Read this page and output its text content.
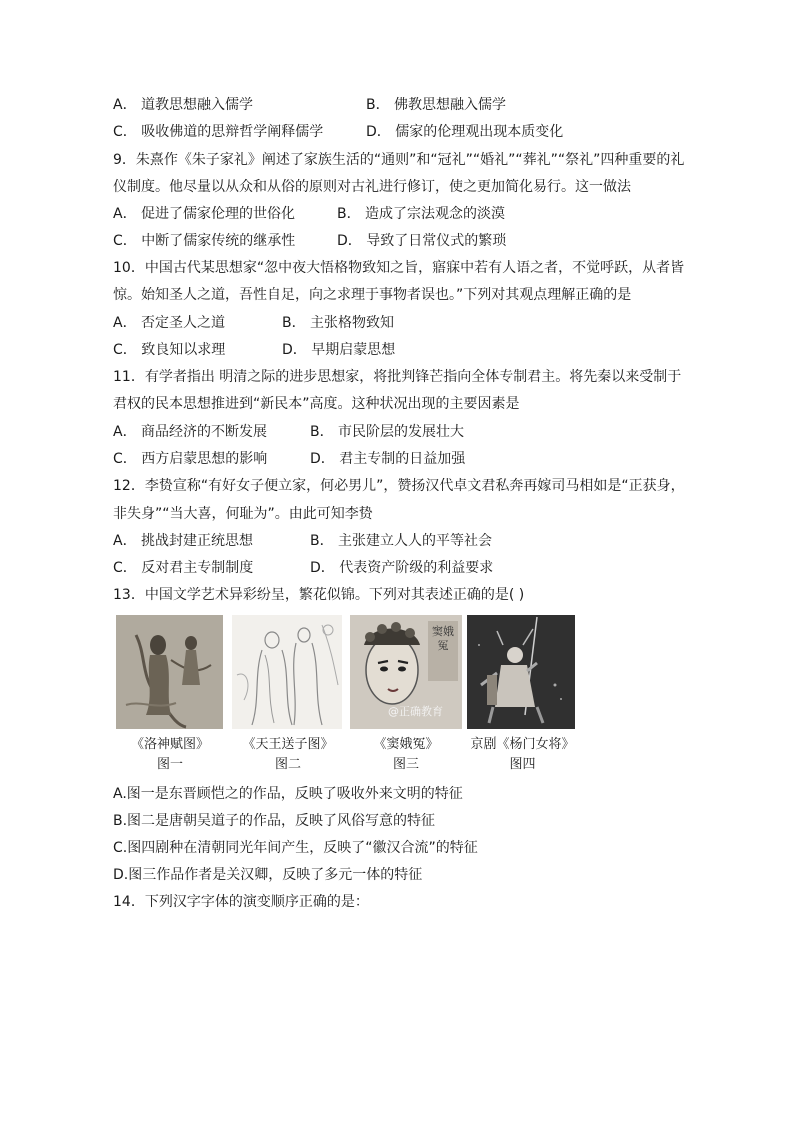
A． 道教思想融入儒学	B． 佛教思想融入儒学
C． 吸收佛道的思辩哲学阐释儒学	D． 儒家的伦理观出现本质变化
9．朱熹作《朱子家礼》阐述了家族生活的“通则”和“冠礼”“婚礼”“葬礼”“祭礼”四种重要的礼
仪制度。他尽量以从众和从俗的原则对古礼进行修订，使之更加简化易行。这一做法
A． 促进了儒家伦理的世俗化	B． 造成了宗法观念的淡漠
C． 中断了儒家传统的继承性	D． 导致了日常仪式的繁琐
10．中国古代某思想家“忽中夜大悟格物致知之旨，寤寐中若有人语之者，不觉呼跃，从者皆
惊。始知圣人之道，吾性自足，向之求理于事物者误也。”下列对其观点理解正确的是
A． 否定圣人之道	B． 主张格物致知
C． 致良知以求理	D． 早期启蒙思想
11．有学者指出 明清之际的进步思想家，将批判锋芒指向全体专制君主。将先秦以来受制于
君权的民本思想推进到“新民本”高度。这种状况出现的主要因素是
A． 商品经济的不断发展	B． 市民阶层的发展壮大
C． 西方启蒙思想的影响	D． 君主专制的日益加强
12．李贽宣称“有好女子便立家，何必男儿”，赞扬汉代卓文君私奔再嫁司马相如是“正获身，
非失身”“当大喜，何耻为”。由此可知李贽
A． 挑战封建正统思想	B． 主张建立人人的平等社会
C． 反对君主专制制度	D． 代表资产阶级的利益要求
13．中国文学艺术异彩纷呈，繁花似锦。下列对其表述正确的是( )
窦娥冤
@正确教育
《洛神赋图》
图一
《天王送子图》
图二
《窦娥冤》
图三
京剧《杨门女将》
图四
A.图一是东晋顾恺之的作品，反映了吸收外来文明的特征
B.图二是唐朝吴道子的作品，反映了风俗写意的特征
C.图四剧种在清朝同光年间产生，反映了“徽汉合流”的特征
D.图三作品作者是关汉卿，反映了多元一体的特征
14．下列汉字字体的演变顺序正确的是：
